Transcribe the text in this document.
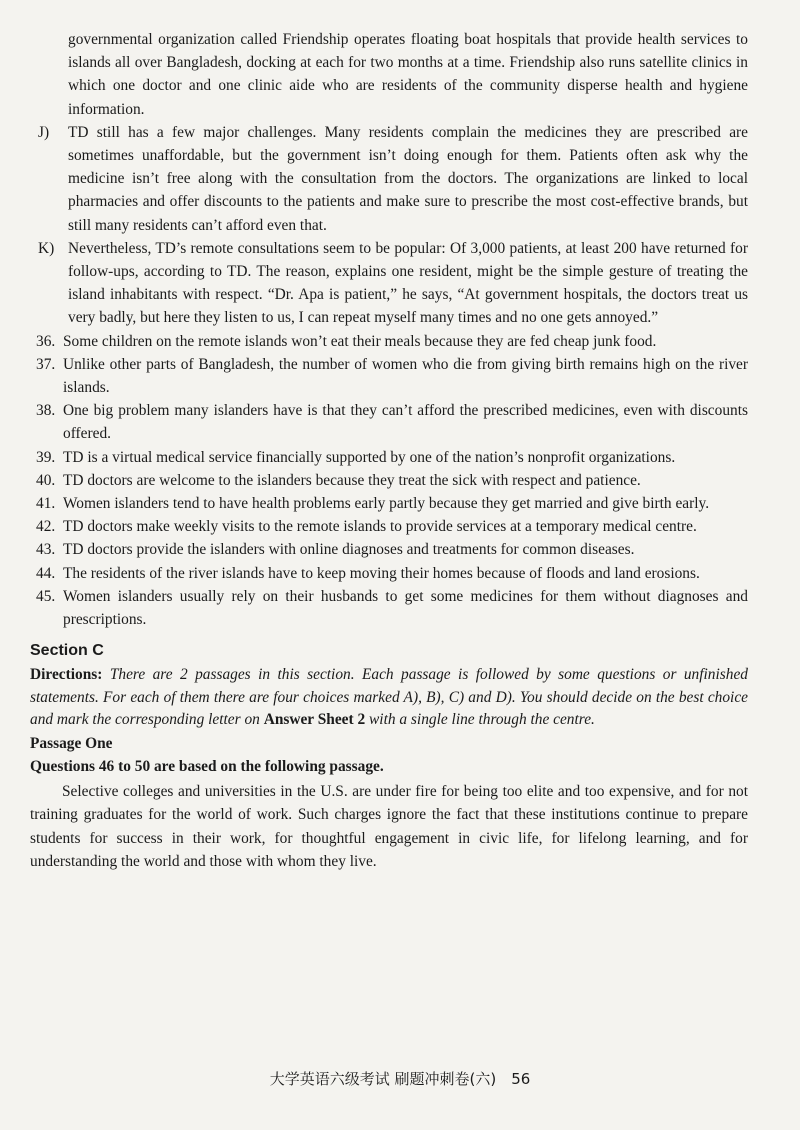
governmental organization called Friendship operates floating boat hospitals that provide health services to islands all over Bangladesh, docking at each for two months at a time. Friendship also runs satellite clinics in which one doctor and one clinic aide who are residents of the community disperse health and hygiene information.
J) TD still has a few major challenges. Many residents complain the medicines they are prescribed are sometimes unaffordable, but the government isn’t doing enough for them. Patients often ask why the medicine isn’t free along with the consultation from the doctors. The organizations are linked to local pharmacies and offer discounts to the patients and make sure to prescribe the most cost-effective brands, but still many residents can’t afford even that.
K) Nevertheless, TD’s remote consultations seem to be popular: Of 3,000 patients, at least 200 have returned for follow-ups, according to TD. The reason, explains one resident, might be the simple gesture of treating the island inhabitants with respect. “Dr. Apa is patient,” he says, “At government hospitals, the doctors treat us very badly, but here they listen to us, I can repeat myself many times and no one gets annoyed.”
36. Some children on the remote islands won’t eat their meals because they are fed cheap junk food.
37. Unlike other parts of Bangladesh, the number of women who die from giving birth remains high on the river islands.
38. One big problem many islanders have is that they can’t afford the prescribed medicines, even with discounts offered.
39. TD is a virtual medical service financially supported by one of the nation’s nonprofit organizations.
40. TD doctors are welcome to the islanders because they treat the sick with respect and patience.
41. Women islanders tend to have health problems early partly because they get married and give birth early.
42. TD doctors make weekly visits to the remote islands to provide services at a temporary medical centre.
43. TD doctors provide the islanders with online diagnoses and treatments for common diseases.
44. The residents of the river islands have to keep moving their homes because of floods and land erosions.
45. Women islanders usually rely on their husbands to get some medicines for them without diagnoses and prescriptions.
Section C
Directions: There are 2 passages in this section. Each passage is followed by some questions or unfinished statements. For each of them there are four choices marked A), B), C) and D). You should decide on the best choice and mark the corresponding letter on Answer Sheet 2 with a single line through the centre.
Passage One
Questions 46 to 50 are based on the following passage.
Selective colleges and universities in the U.S. are under fire for being too elite and too expensive, and for not training graduates for the world of work. Such charges ignore the fact that these institutions continue to prepare students for success in their work, for thoughtful engagement in civic life, for lifelong learning, and for understanding the world and those with whom they live.
大学英语六级考试 刷题冲刺卷(六)　56
